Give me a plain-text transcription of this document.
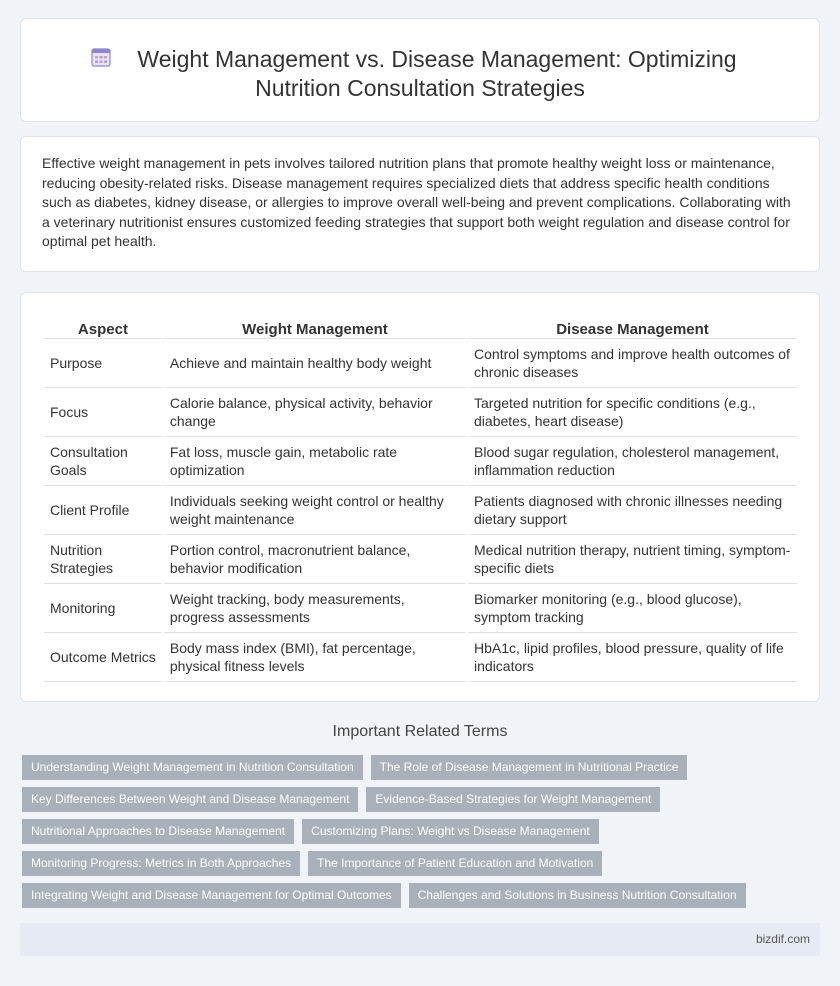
Weight Management vs. Disease Management: Optimizing
Nutrition Consultation Strategies

Effective weight management in pets involves tailored nutrition plans that promote healthy weight loss or maintenance, reducing obesity-related risks. Disease management requires specialized diets that address specific health conditions such as diabetes, kidney disease, or allergies to improve overall well-being and prevent complications. Collaborating with a veterinary nutritionist ensures customized feeding strategies that support both weight regulation and disease control for optimal pet health.

Aspect	Weight Management	Disease Management
Purpose	Achieve and maintain healthy body weight	Control symptoms and improve health outcomes of chronic diseases
Focus	Calorie balance, physical activity, behavior change	Targeted nutrition for specific conditions (e.g., diabetes, heart disease)
Consultation Goals	Fat loss, muscle gain, metabolic rate optimization	Blood sugar regulation, cholesterol management, inflammation reduction
Client Profile	Individuals seeking weight control or healthy weight maintenance	Patients diagnosed with chronic illnesses needing dietary support
Nutrition Strategies	Portion control, macronutrient balance, behavior modification	Medical nutrition therapy, nutrient timing, symptom-specific diets
Monitoring	Weight tracking, body measurements, progress assessments	Biomarker monitoring (e.g., blood glucose), symptom tracking
Outcome Metrics	Body mass index (BMI), fat percentage, physical fitness levels	HbA1c, lipid profiles, blood pressure, quality of life indicators
Important Related Terms
Understanding Weight Management in Nutrition Consultation	The Role of Disease Management in Nutritional Practice
Key Differences Between Weight and Disease Management	Evidence-Based Strategies for Weight Management
Nutritional Approaches to Disease Management	Customizing Plans: Weight vs Disease Management
Monitoring Progress: Metrics in Both Approaches	The Importance of Patient Education and Motivation
Integrating Weight and Disease Management for Optimal Outcomes	Challenges and Solutions in Business Nutrition Consultation
bizdif.com
